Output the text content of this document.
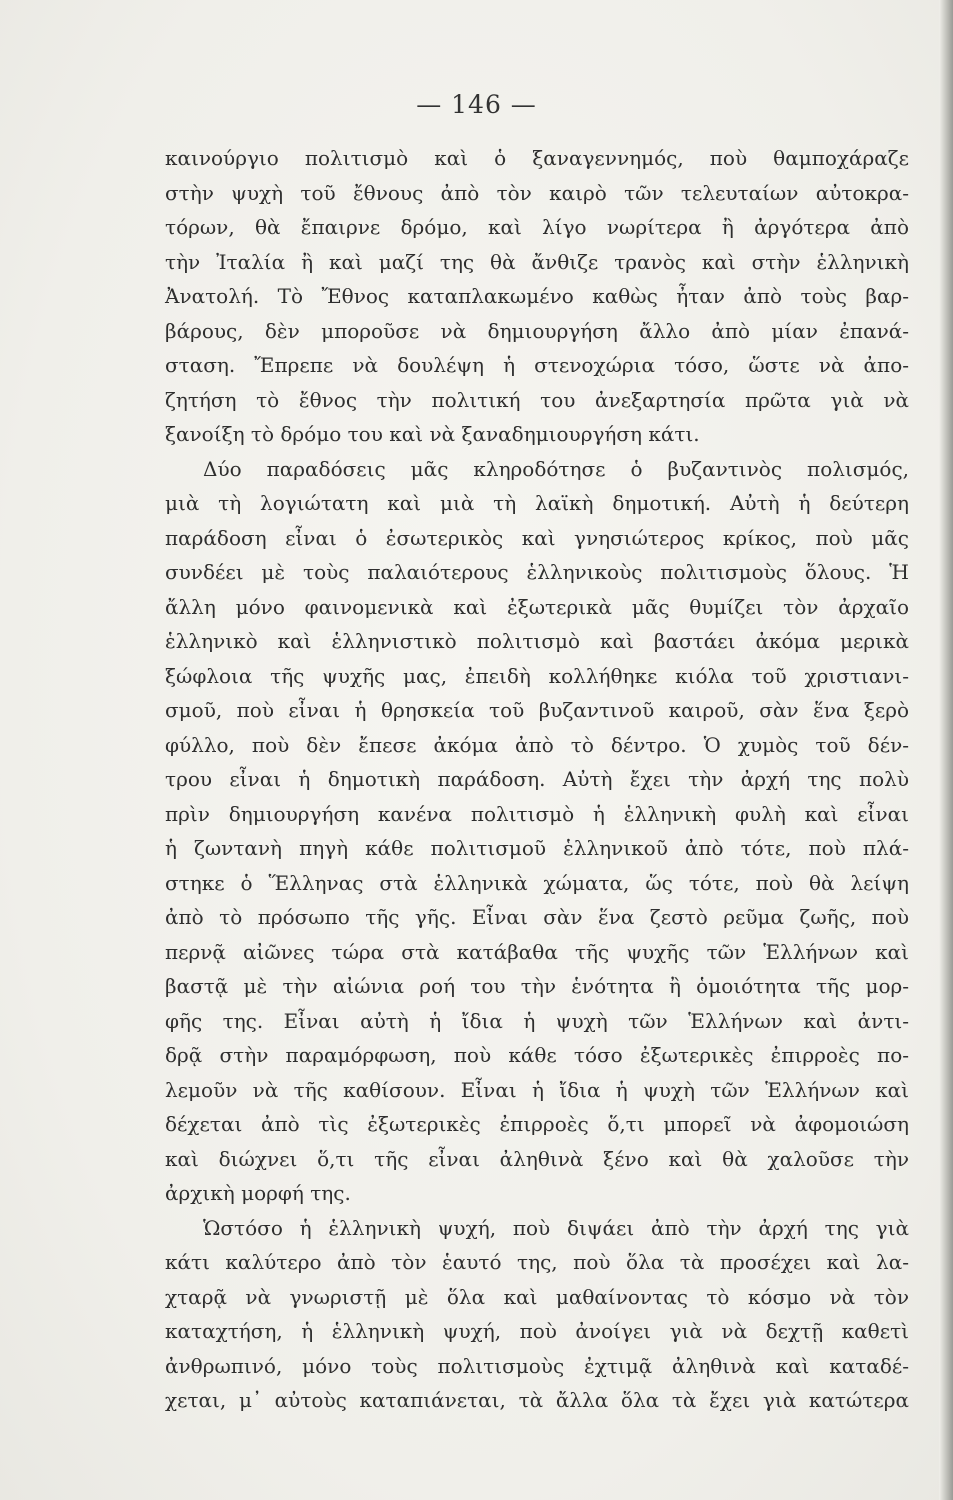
— 146 —
καινούργιο πολιτισμὸ καὶ ὁ ξαναγεννημός, ποὺ θαμποχάραζε
στὴν ψυχὴ τοῦ ἔθνους ἀπὸ τὸν καιρὸ τῶν τελευταίων αὐτοκρα-
τόρων, θὰ ἔπαιρνε δρόμο, καὶ λίγο νωρίτερα ἢ ἀργότερα ἀπὸ
τὴν Ἰταλία ἢ καὶ μαζί της θὰ ἄνθιζε τρανὸς καὶ στὴν ἑλληνικὴ
Ἀνατολή. Τὸ Ἔθνος καταπλακωμένο καθὼς ἦταν ἀπὸ τοὺς βαρ-
βάρους, δὲν μποροῦσε νὰ δημιουργήση ἄλλο ἀπὸ μίαν ἐπανά-
σταση. Ἔπρεπε νὰ δουλέψη ἡ στενοχώρια τόσο, ὥστε νὰ ἀπο-
ζητήση τὸ ἔθνος τὴν πολιτική του ἀνεξαρτησία πρῶτα γιὰ νὰ
ξανοίξη τὸ δρόμο του καὶ νὰ ξαναδημιουργήση κάτι.
Δύο παραδόσεις μᾶς κληροδότησε ὁ βυζαντινὸς πολισμός,
μιὰ τὴ λογιώτατη καὶ μιὰ τὴ λαϊκὴ δημοτική. Αὐτὴ ἡ δεύτερη
παράδοση εἶναι ὁ ἐσωτερικὸς καὶ γνησιώτερος κρίκος, ποὺ μᾶς
συνδέει μὲ τοὺς παλαιότερους ἑλληνικοὺς πολιτισμοὺς ὅλους. Ἡ
ἄλλη μόνο φαινομενικὰ καὶ ἐξωτερικὰ μᾶς θυμίζει τὸν ἀρχαῖο
ἑλληνικὸ καὶ ἑλληνιστικὸ πολιτισμὸ καὶ βαστάει ἀκόμα μερικὰ
ξώφλοια τῆς ψυχῆς μας, ἐπειδὴ κολλήθηκε κιόλα τοῦ χριστιανι-
σμοῦ, ποὺ εἶναι ἡ θρησκεία τοῦ βυζαντινοῦ καιροῦ, σὰν ἕνα ξερὸ
φύλλο, ποὺ δὲν ἔπεσε ἀκόμα ἀπὸ τὸ δέντρο. Ὁ χυμὸς τοῦ δέν-
τρου εἶναι ἡ δημοτικὴ παράδοση. Αὐτὴ ἔχει τὴν ἀρχή της πολὺ
πρὶν δημιουργήση κανένα πολιτισμὸ ἡ ἑλληνικὴ φυλὴ καὶ εἶναι
ἡ ζωντανὴ πηγὴ κάθε πολιτισμοῦ ἑλληνικοῦ ἀπὸ τότε, ποὺ πλά-
στηκε ὁ Ἕλληνας στὰ ἑλληνικὰ χώματα, ὥς τότε, ποὺ θὰ λείψη
ἀπὸ τὸ πρόσωπο τῆς γῆς. Εἶναι σὰν ἕνα ζεστὸ ρεῦμα ζωῆς, ποὺ
περνᾷ αἰῶνες τώρα στὰ κατάβαθα τῆς ψυχῆς τῶν Ἑλλήνων καὶ
βαστᾷ μὲ τὴν αἰώνια ροή του τὴν ἑνότητα ἢ ὁμοιότητα τῆς μορ-
φῆς της. Εἶναι αὐτὴ ἡ ἴδια ἡ ψυχὴ τῶν Ἑλλήνων καὶ ἀντι-
δρᾷ στὴν παραμόρφωση, ποὺ κάθε τόσο ἐξωτερικὲς ἐπιρροὲς πο-
λεμοῦν νὰ τῆς καθίσουν. Εἶναι ἡ ἴδια ἡ ψυχὴ τῶν Ἑλλήνων καὶ
δέχεται ἀπὸ τὶς ἐξωτερικὲς ἐπιρροὲς ὅ,τι μπορεῖ νὰ ἀφομοιώση
καὶ διώχνει ὅ,τι τῆς εἶναι ἀληθινὰ ξένο καὶ θὰ χαλοῦσε τὴν
ἀρχικὴ μορφή της.
Ὡστόσο ἡ ἑλληνικὴ ψυχή, ποὺ διψάει ἀπὸ τὴν ἀρχή της γιὰ
κάτι καλύτερο ἀπὸ τὸν ἑαυτό της, ποὺ ὅλα τὰ προσέχει καὶ λα-
χταρᾷ νὰ γνωριστῇ μὲ ὅλα καὶ μαθαίνοντας τὸ κόσμο νὰ τὸν
καταχτήση, ἡ ἑλληνικὴ ψυχή, ποὺ ἀνοίγει γιὰ νὰ δεχτῇ καθετὶ
ἀνθρωπινό, μόνο τοὺς πολιτισμοὺς ἐχτιμᾷ ἀληθινὰ καὶ καταδέ-
χεται, μ᾽ αὐτοὺς καταπιάνεται, τὰ ἄλλα ὅλα τὰ ἔχει γιὰ κατώτερα
